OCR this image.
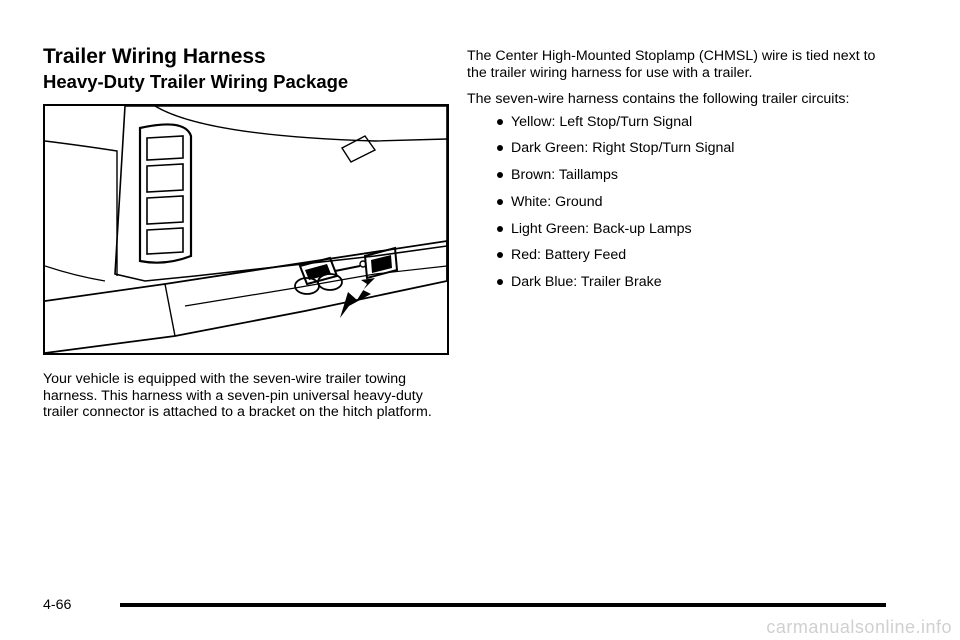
Trailer Wiring Harness
Heavy-Duty Trailer Wiring Package

Your vehicle is equipped with the seven-wire trailer towing harness. This harness with a seven-pin universal heavy-duty trailer connector is attached to a bracket on the hitch platform.

The Center High-Mounted Stoplamp (CHMSL) wire is tied next to the trailer wiring harness for use with a trailer.

The seven-wire harness contains the following trailer circuits:

Yellow: Left Stop/Turn Signal
Dark Green: Right Stop/Turn Signal
Brown: Taillamps
White: Ground
Light Green: Back-up Lamps
Red: Battery Feed
Dark Blue: Trailer Brake
4-66
carmanualsonline.info
